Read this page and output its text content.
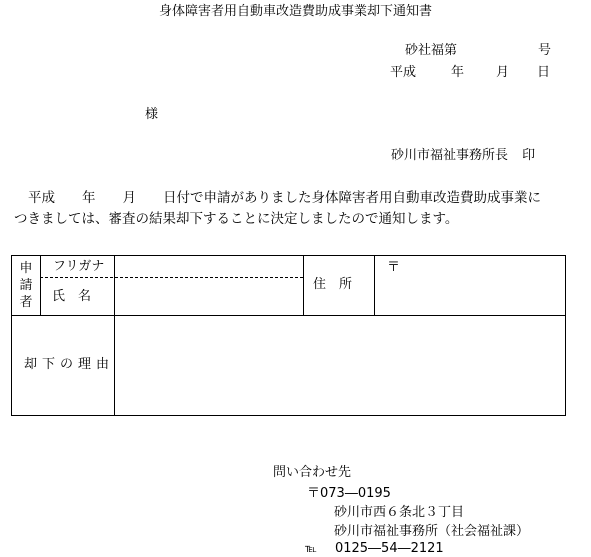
身体障害者用自動車改造費助成事業却下通知書
砂社福第	号
平成	年 月 日
様
砂川市福祉事務所長 印
平成　　年　　月　　日付で申請がありました身体障害者用自動車改造費助成事業に
つきましては、審査の結果却下することに決定しましたので通知します。
申
請
者
フリガナ
氏　名
住　所
〒
却下の理由
問い合わせ先
〒073―0195
砂川市西６条北３丁目
砂川市福祉事務所（社会福祉課）
℡ 0125―54―2121
